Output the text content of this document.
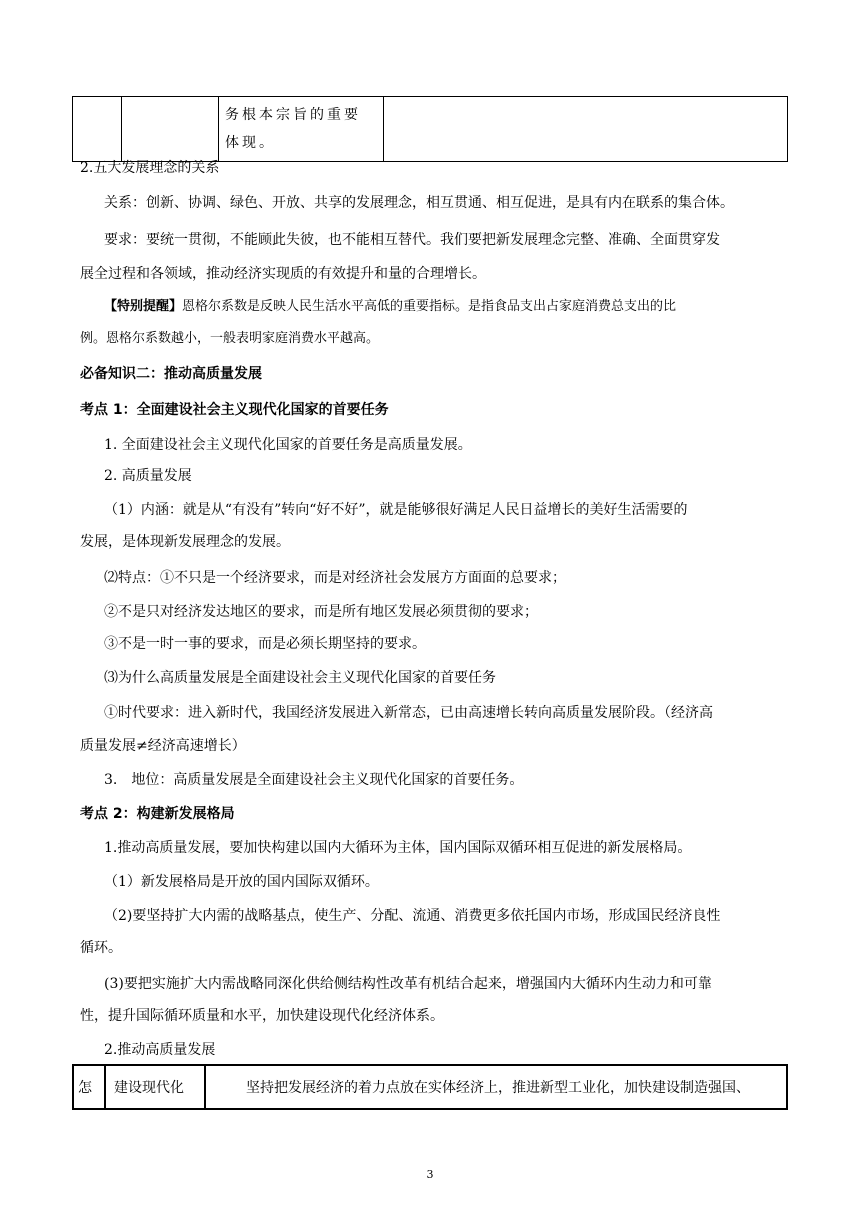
		务根本宗旨的重要体现。	
2.五大发展理念的关系
关系：创新、协调、绿色、开放、共享的发展理念，相互贯通、相互促进，是具有内在联系的集合体。
要求：要统一贯彻，不能顾此失彼，也不能相互替代。我们要把新发展理念完整、准确、全面贯穿发
展全过程和各领域，推动经济实现质的有效提升和量的合理增长。
【特别提醒】恩格尔系数是反映人民生活水平高低的重要指标。是指食品支出占家庭消费总支出的比
例。恩格尔系数越小，一般表明家庭消费水平越高。
必备知识二：推动高质量发展
考点 1：全面建设社会主义现代化国家的首要任务
1. 全面建设社会主义现代化国家的首要任务是高质量发展。
2. 高质量发展
（1）内涵：就是从“有没有”转向“好不好”，就是能够很好满足人民日益增长的美好生活需要的
发展，是体现新发展理念的发展。
⑵特点：①不只是一个经济要求，而是对经济社会发展方方面面的总要求；
②不是只对经济发达地区的要求，而是所有地区发展必须贯彻的要求；
③不是一时一事的要求，而是必须长期坚持的要求。
⑶为什么高质量发展是全面建设社会主义现代化国家的首要任务
①时代要求：进入新时代，我国经济发展进入新常态，已由高速增长转向高质量发展阶段。（经济高
质量发展≠经济高速增长）
3.　地位：高质量发展是全面建设社会主义现代化国家的首要任务。
考点 2：构建新发展格局
1.推动高质量发展，要加快构建以国内大循环为主体，国内国际双循环相互促进的新发展格局。
（1）新发展格局是开放的国内国际双循环。
（2)要坚持扩大内需的战略基点，使生产、分配、流通、消费更多依托国内市场，形成国民经济良性
循环。
(3)要把实施扩大内需战略同深化供给侧结构性改革有机结合起来，增强国内大循环内生动力和可靠
性，提升国际循环质量和水平，加快建设现代化经济体系。
2.推动高质量发展
怎	建设现代化	坚持把发展经济的着力点放在实体经济上，推进新型工业化，加快建设制造强国、
3
